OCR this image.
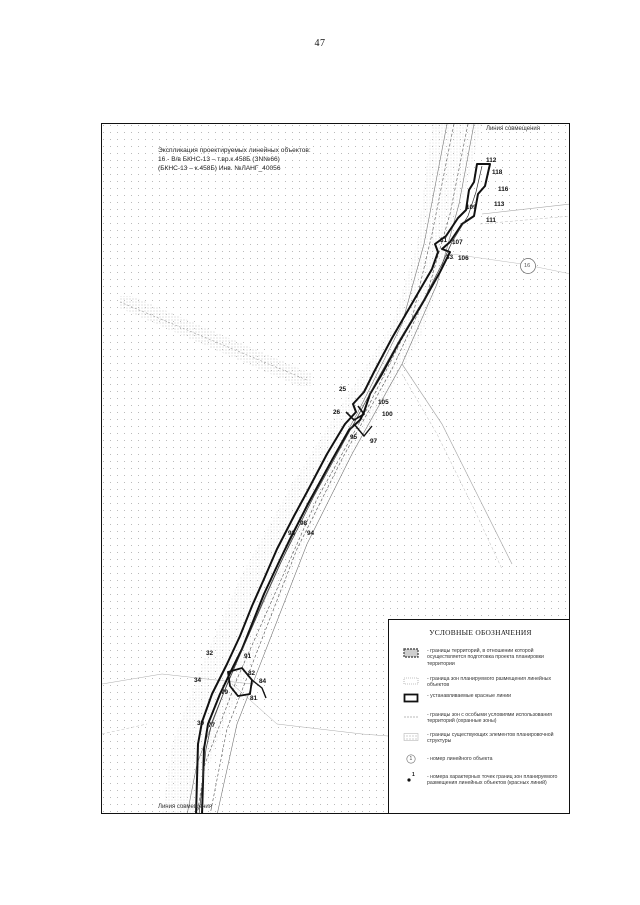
47
Экспликация проектируемых линейных объектов:
16 - В/в БКНС-13 – т.вр.к.458Б (ЗN№66)
(БКНС-13 – к.458Б) Инв. №ЛАНГ_40056
Линия совмещения
Линия совмещения
16
112
118
116
109	113
111
31 107
33 106
25
105
26	100
95
97
98
93 94
32	91
82
34	84
79
81
30 77
УСЛОВНЫЕ ОБОЗНАЧЕНИЯ
- границы территорий, в отношении которой осуществляется подготовка проекта планировки территории
- граница зон планируемого размещения линейных объектов
- устанавливаемые красные линии
- границы зон с особыми условиями использования территорий (охранные зоны)
- границы существующих элементов планировочной структуры
1	- номер линейного объекта
1 - номера характерных точек границ зон планируемого размещения линейных объектов (красных линий)
